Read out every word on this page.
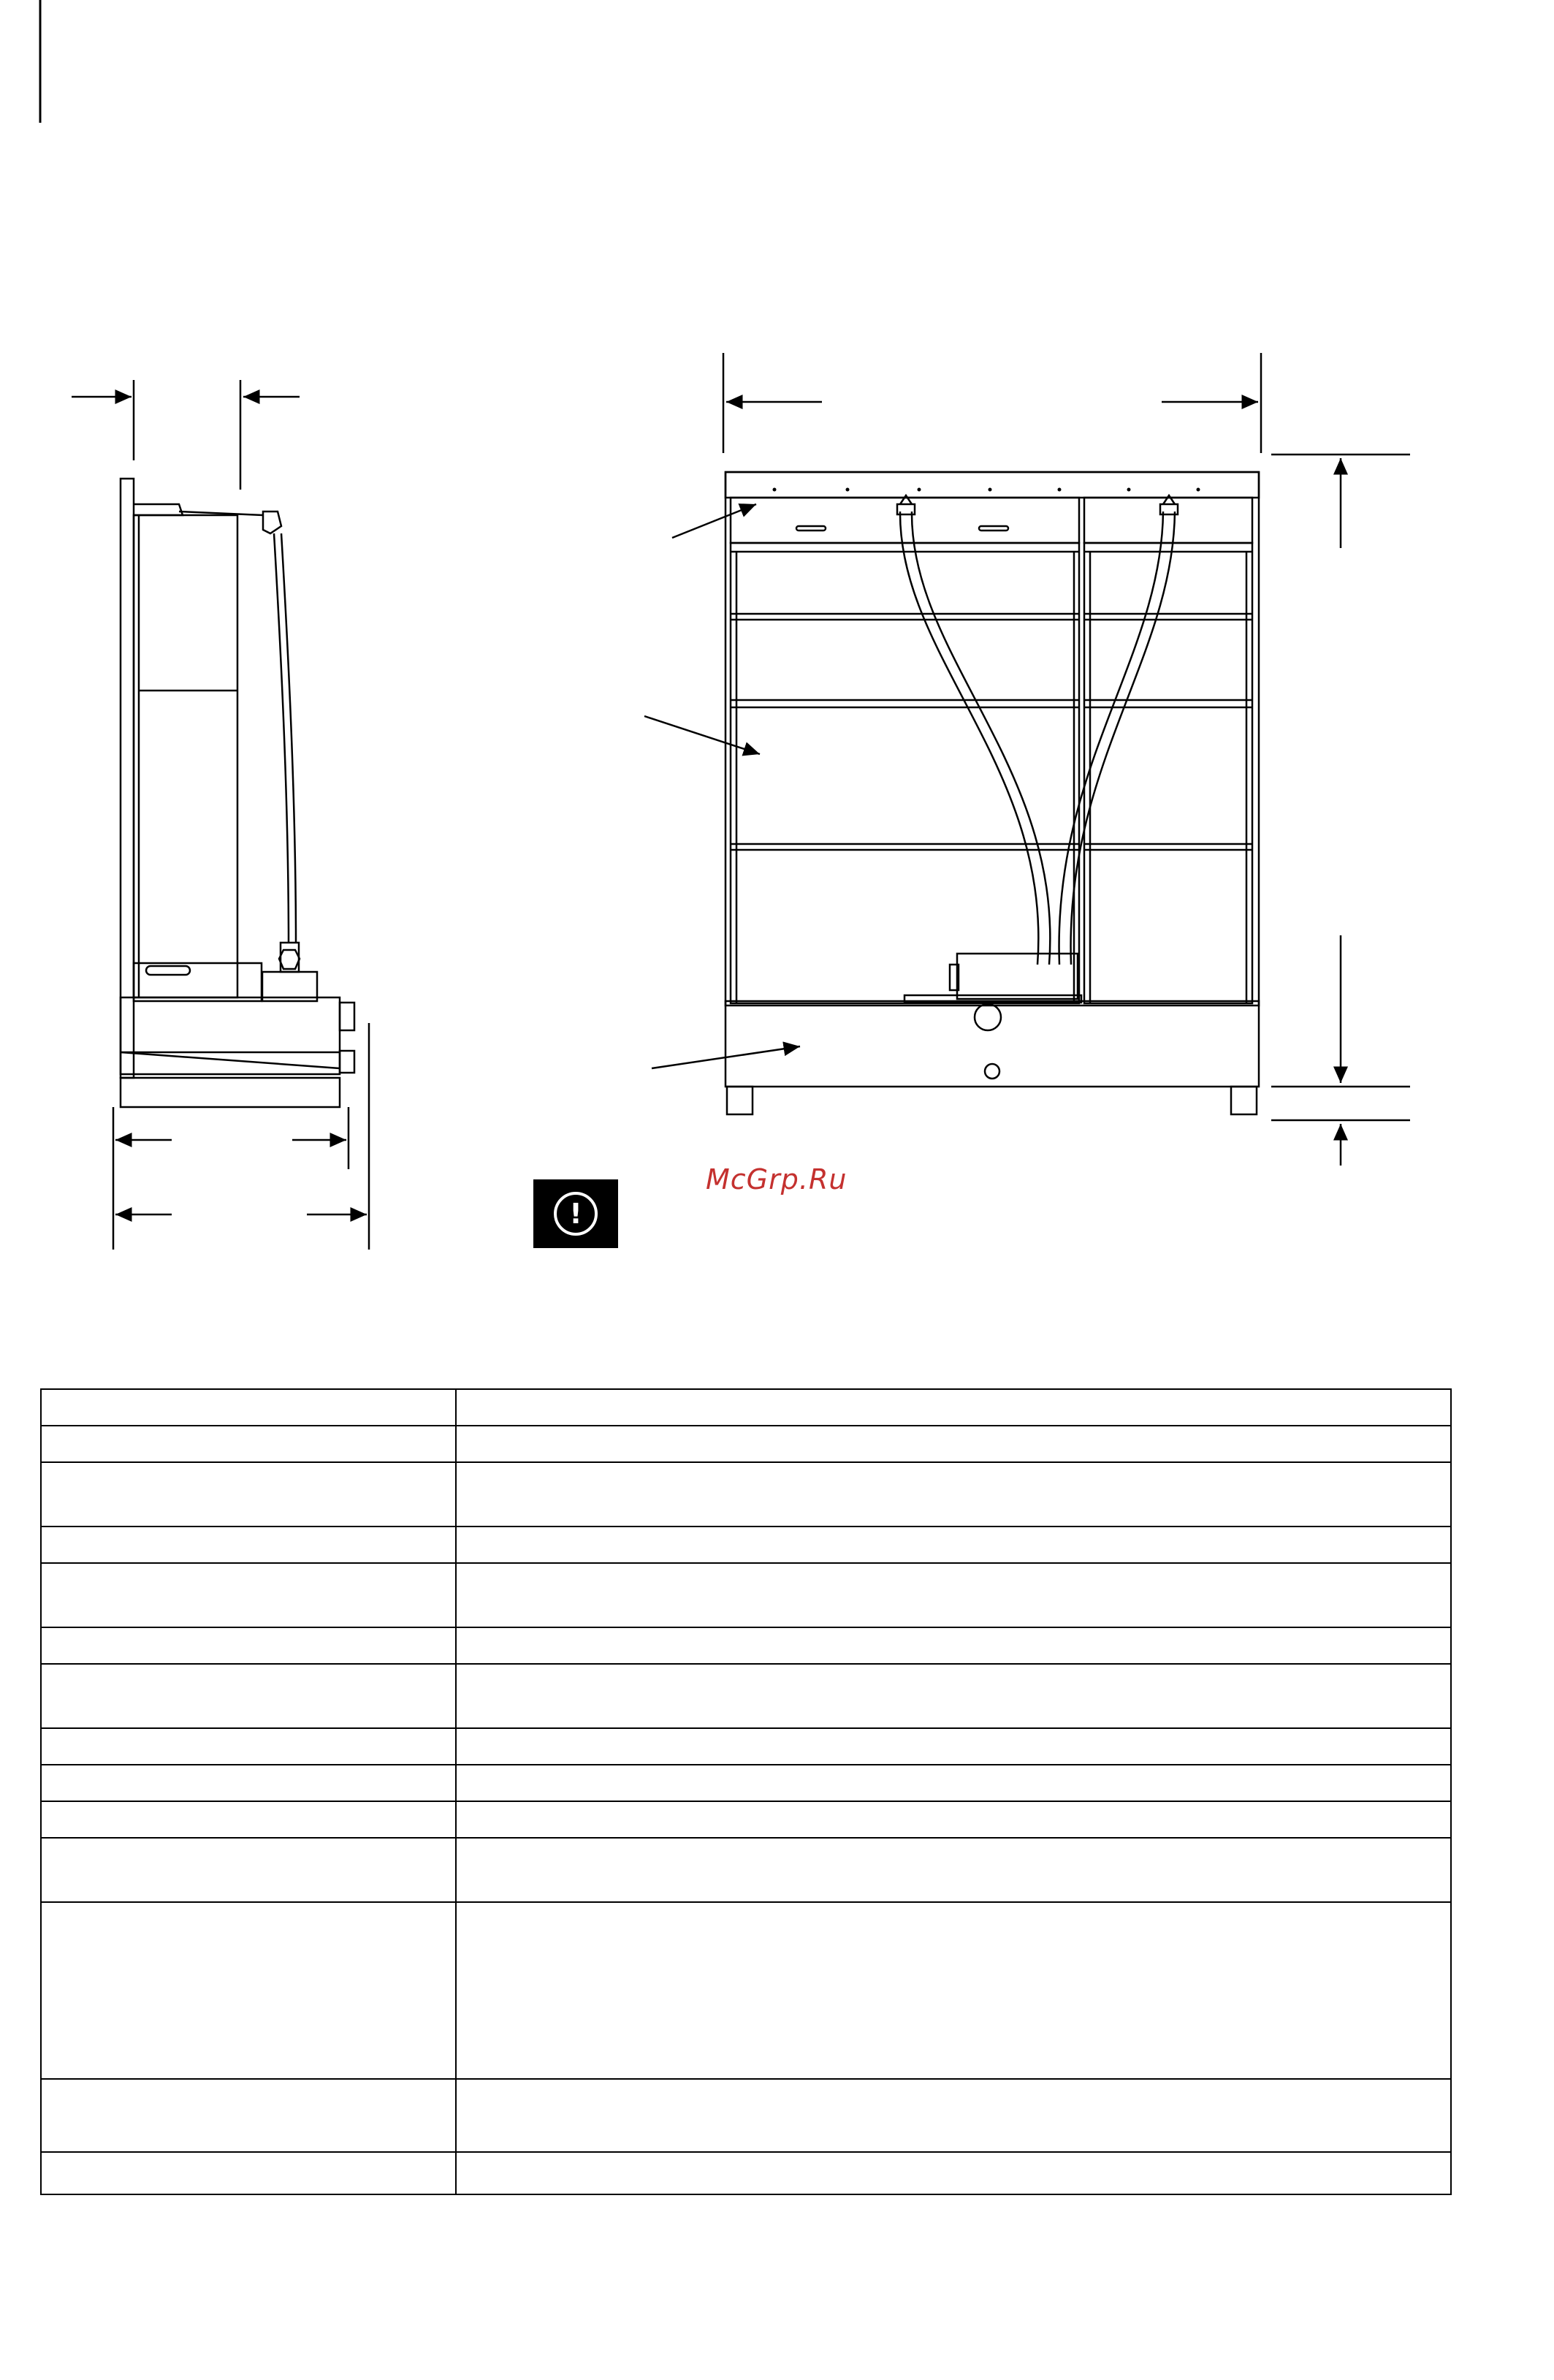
McGrp.Ru
!
